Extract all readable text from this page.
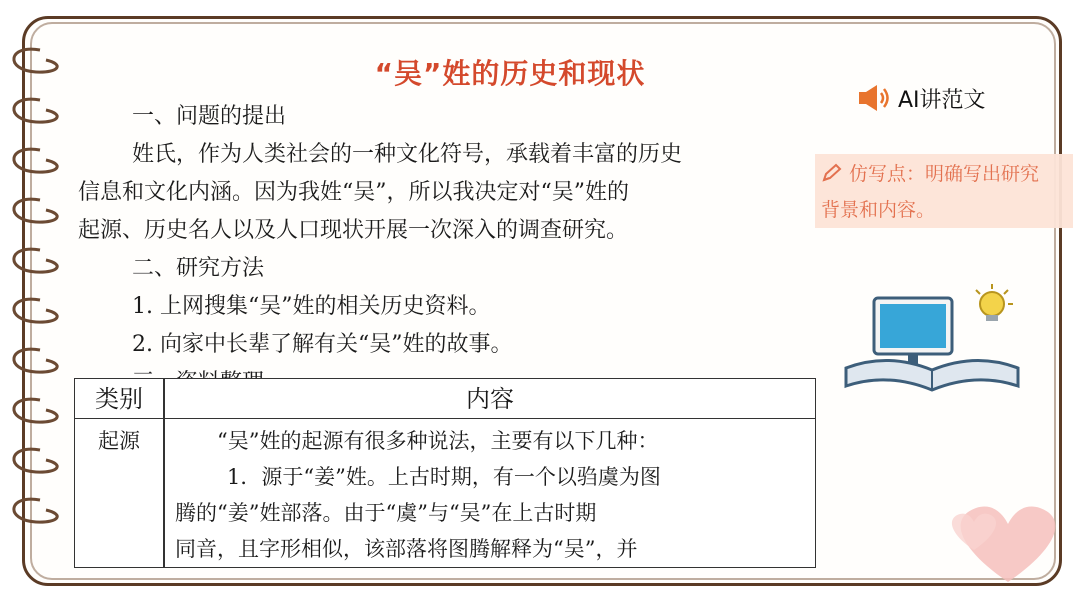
“吴”姓的历史和现状
一、问题的提出
姓氏，作为人类社会的一种文化符号，承载着丰富的历史
信息和文化内涵。因为我姓“吴”，所以我决定对“吴”姓的
起源、历史名人以及人口现状开展一次深入的调查研究。
二、研究方法
1. 上网搜集“吴”姓的相关历史资料。
2. 向家中长辈了解有关“吴”姓的故事。
AI讲范文
仿写点：明确写出研究
背景和内容。
类别	内容
起源	“吴”姓的起源有很多种说法，主要有以下几种：
1．源于“姜”姓。上古时期，有一个以驺虞为图
腾的“姜”姓部落。由于“虞”与“吴”在上古时期
同音，且字形相似，该部落将图腾解释为“吴”，并
